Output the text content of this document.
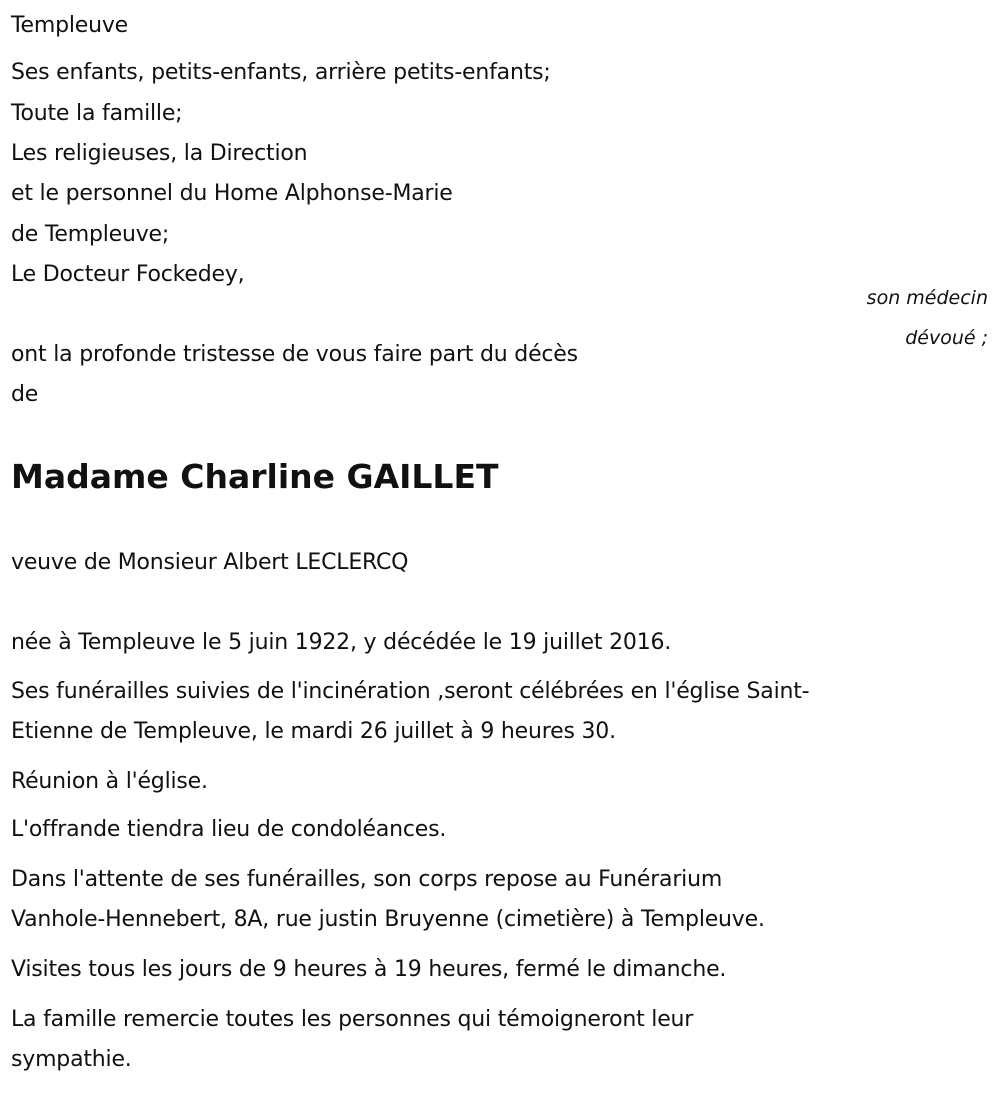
Templeuve
Ses enfants, petits-enfants, arrière petits-enfants;
Toute la famille;
Les religieuses, la Direction
et le personnel du Home Alphonse-Marie
de Templeuve;
Le Docteur Fockedey,
son médecin
dévoué ;
ont la profonde tristesse de vous faire part du décès
de
Madame Charline GAILLET
veuve de Monsieur Albert LECLERCQ
née à Templeuve le 5 juin 1922, y décédée le 19 juillet 2016.
Ses funérailles suivies de l'incinération ,seront célébrées en l'église Saint-
Etienne de Templeuve, le mardi 26 juillet à 9 heures 30.
Réunion à l'église.
L'offrande tiendra lieu de condoléances.
Dans l'attente de ses funérailles, son corps repose au Funérarium
Vanhole-Hennebert, 8A, rue justin Bruyenne (cimetière) à Templeuve.
Visites tous les jours de 9 heures à 19 heures, fermé le dimanche.
La famille remercie toutes les personnes qui témoigneront leur
sympathie.
